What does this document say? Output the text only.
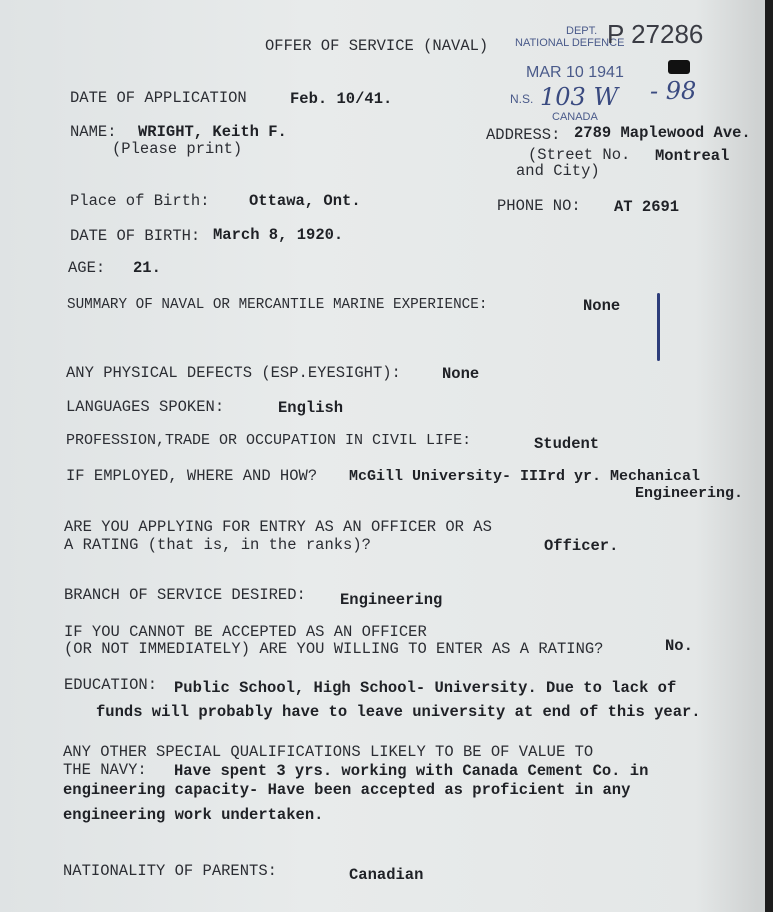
OFFER OF SERVICE (NAVAL)
DEPT.
NATIONAL DEFENCE
P 27286
MAR 10 1941
N.S. 103 W - 98
CANADA
DATE OF APPLICATION	Feb. 10/41.
NAME: WRIGHT, Keith F.
(Please print)
ADDRESS: 2789 Maplewood Ave.
(Street No. Montreal
and City)
Place of Birth:	Ottawa, Ont.	PHONE NO: AT 2691
DATE OF BIRTH: March 8, 1920.
AGE: 21.
SUMMARY OF NAVAL OR MERCANTILE MARINE EXPERIENCE:	None
ANY PHYSICAL DEFECTS (ESP.EYESIGHT):	None
LANGUAGES SPOKEN:	English
PROFESSION,TRADE OR OCCUPATION IN CIVIL LIFE:	Student
IF EMPLOYED, WHERE AND HOW? McGill University- IIIrd yr. Mechanical
Engineering.
ARE YOU APPLYING FOR ENTRY AS AN OFFICER OR AS
A RATING (that is, in the ranks)?	Officer.
BRANCH OF SERVICE DESIRED: Engineering
IF YOU CANNOT BE ACCEPTED AS AN OFFICER
(OR NOT IMMEDIATELY) ARE YOU WILLING TO ENTER AS A RATING?	No.
EDUCATION: Public School, High School- University. Due to lack of
funds will probably have to leave university at end of this year.
ANY OTHER SPECIAL QUALIFICATIONS LIKELY TO BE OF VALUE TO
THE NAVY: Have spent 3 yrs. working with Canada Cement Co. in
engineering capacity- Have been accepted as proficient in any
engineering work undertaken.
NATIONALITY OF PARENTS:	Canadian
